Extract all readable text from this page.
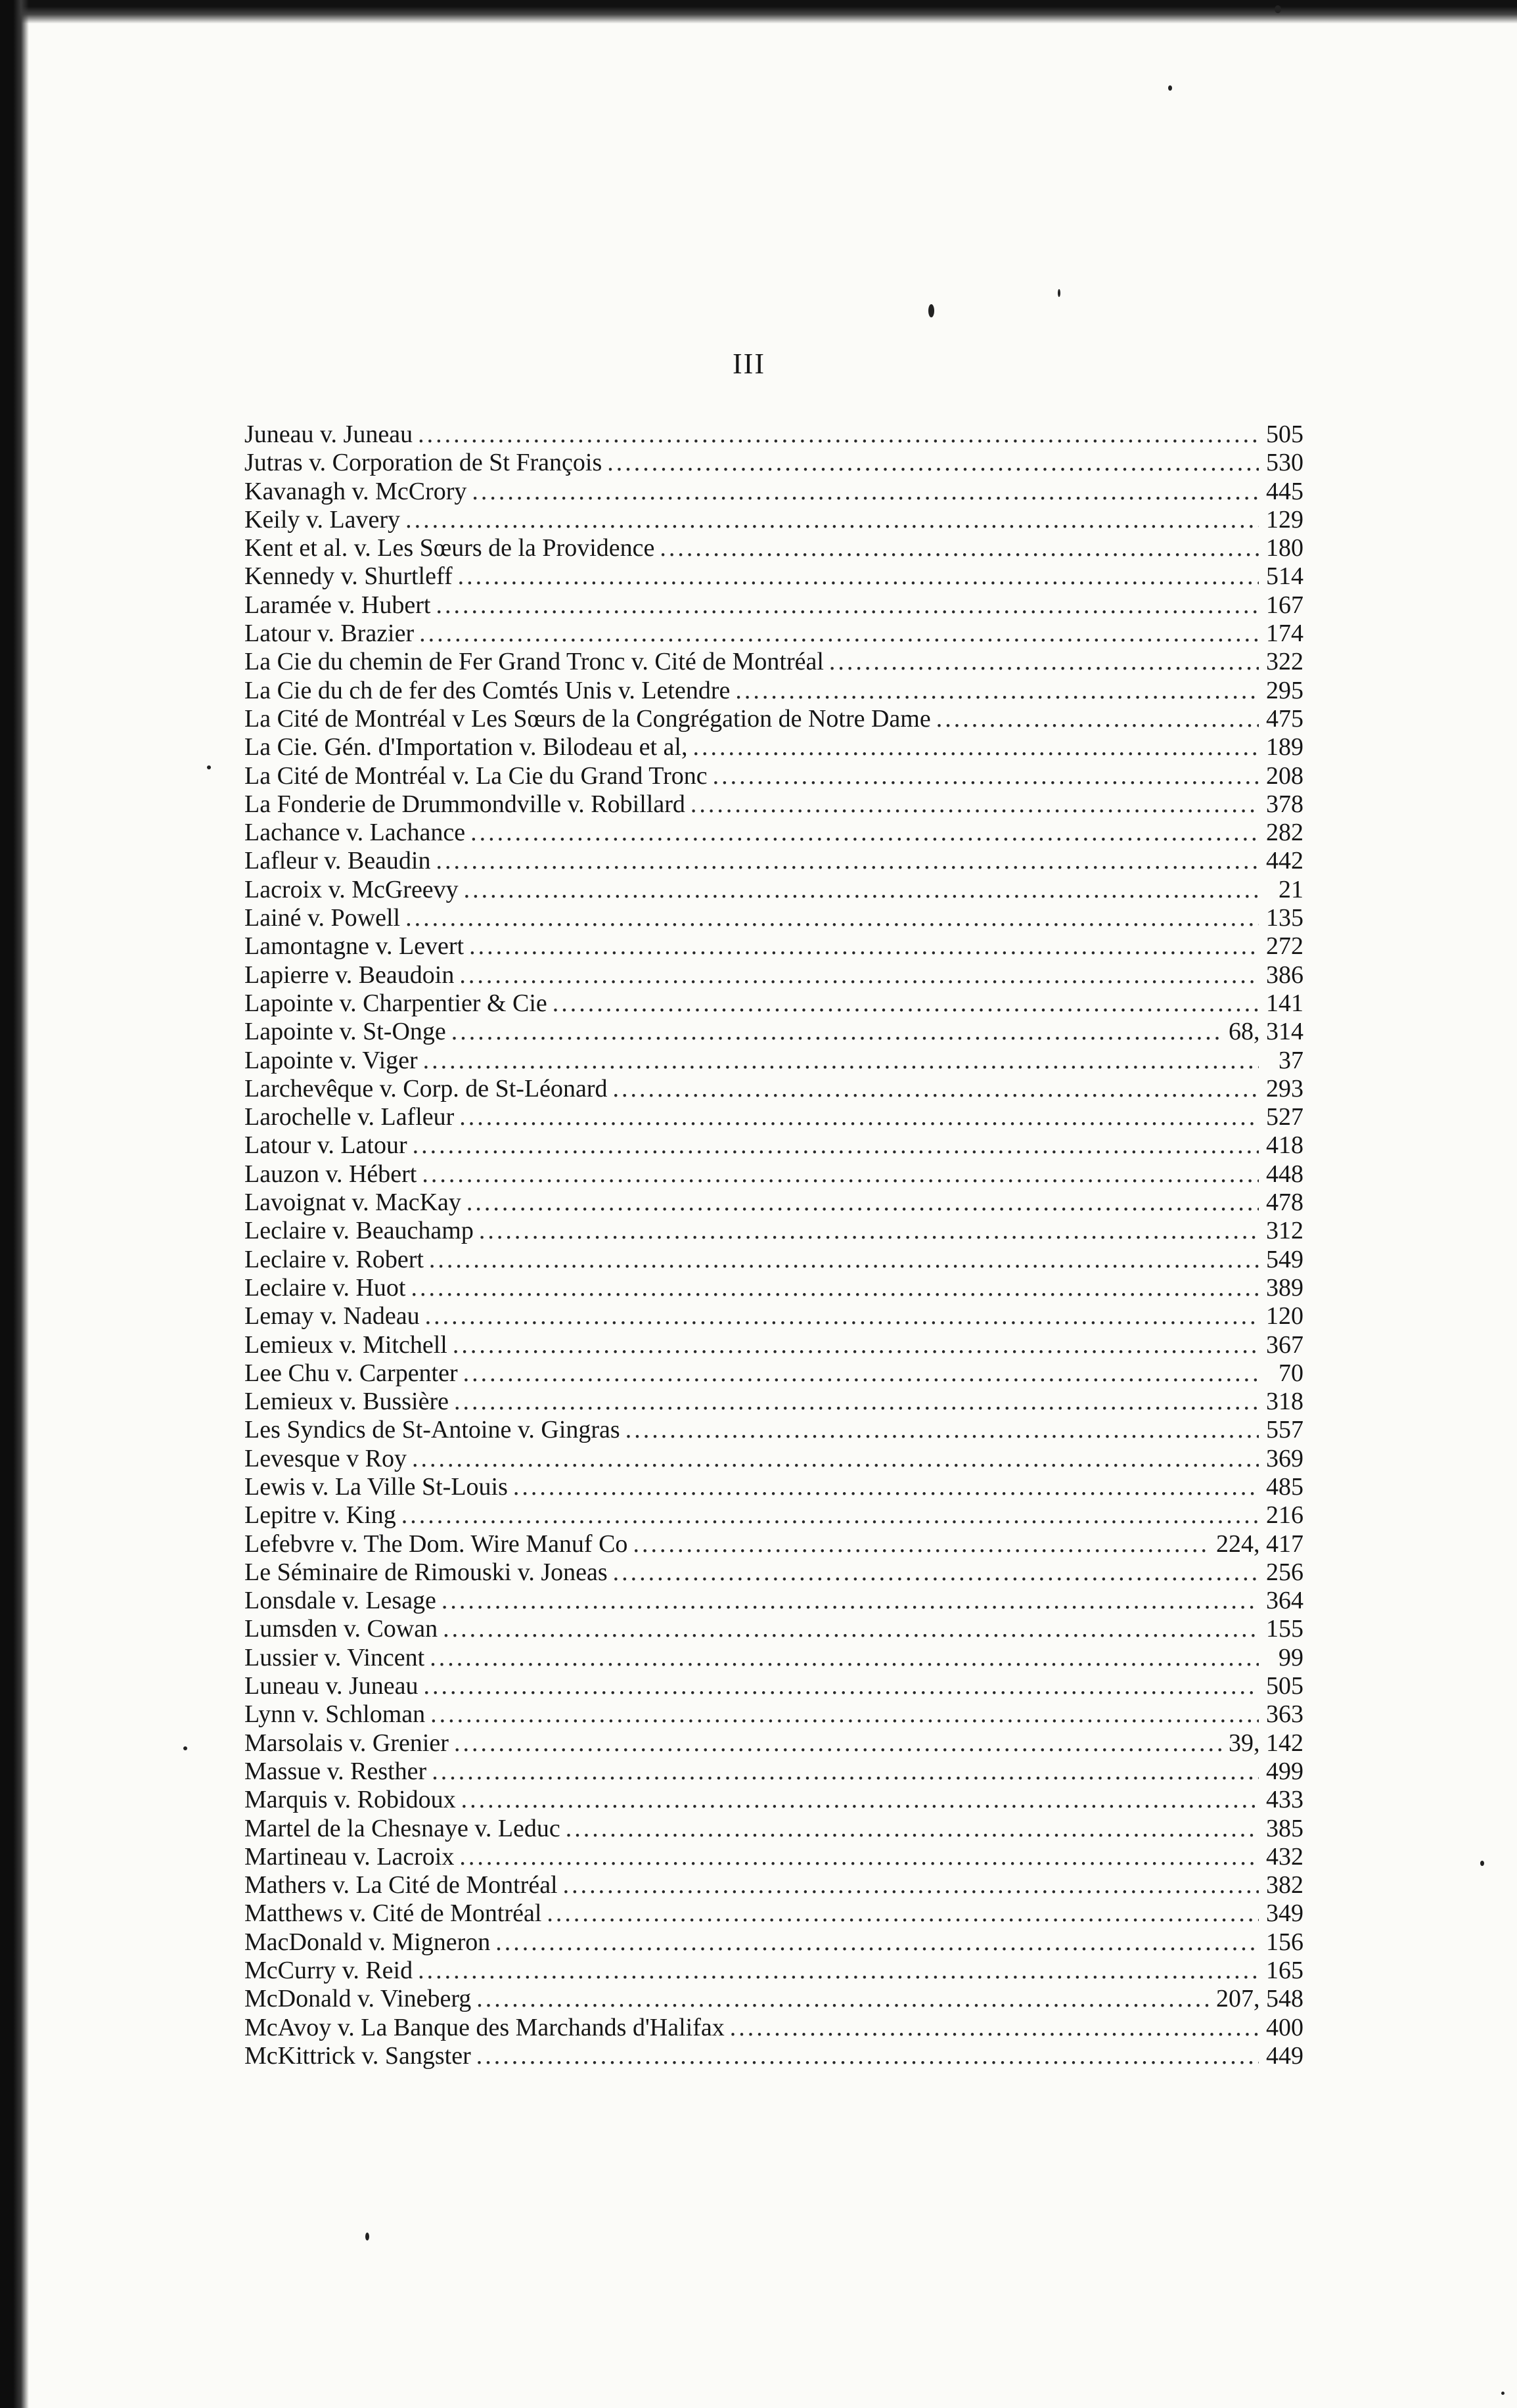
III
Juneau v. Juneau .....	505
Jutras v. Corporation de St François .....	530
Kavanagh v. McCrory .....	445
Keily v. Lavery .....	129
Kent et al. v. Les Sœurs de la Providence .....	180
Kennedy v. Shurtleff .....	514
Laramée v. Hubert .....	167
Latour v. Brazier .....	174
La Cie du chemin de Fer Grand Tronc v. Cité de Montréal .....	322
La Cie du ch de fer des Comtés Unis v. Letendre .....	295
La Cité de Montréal v Les Sœurs de la Congrégation de Notre Dame .....	475
La Cie. Gén. d'Importation v. Bilodeau et al, .....	189
La Cité de Montréal v. La Cie du Grand Tronc .....	208
La Fonderie de Drummondville v. Robillard .....	378
Lachance v. Lachance .....	282
Lafleur v. Beaudin .....	442
Lacroix v. McGreevy .....	21
Lainé v. Powell .....	135
Lamontagne v. Levert .....	272
Lapierre v. Beaudoin .....	386
Lapointe v. Charpentier & Cie .....	141
Lapointe v. St-Onge .....	68, 314
Lapointe v. Viger .....	37
Larchevêque v. Corp. de St-Léonard .....	293
Larochelle v. Lafleur .....	527
Latour v. Latour .....	418
Lauzon v. Hébert .....	448
Lavoignat v. MacKay .....	478
Leclaire v. Beauchamp .....	312
Leclaire v. Robert .....	549
Leclaire v. Huot .....	389
Lemay v. Nadeau .....	120
Lemieux v. Mitchell .....	367
Lee Chu v. Carpenter .....	70
Lemieux v. Bussière .....	318
Les Syndics de St-Antoine v. Gingras .....	557
Levesque v Roy .....	369
Lewis v. La Ville St-Louis .....	485
Lepitre v. King .....	216
Lefebvre v. The Dom. Wire Manuf Co .....	224, 417
Le Séminaire de Rimouski v. Joneas .....	256
Lonsdale v. Lesage .....	364
Lumsden v. Cowan .....	155
Lussier v. Vincent .....	99
Luneau v. Juneau .....	505
Lynn v. Schloman .....	363
Marsolais v. Grenier .....	39, 142
Massue v. Resther .....	499
Marquis v. Robidoux .....	433
Martel de la Chesnaye v. Leduc .....	385
Martineau v. Lacroix .....	432
Mathers v. La Cité de Montréal .....	382
Matthews v. Cité de Montréal .....	349
MacDonald v. Migneron .....	156
McCurry v. Reid .....	165
McDonald v. Vineberg .....	207, 548
McAvoy v. La Banque des Marchands d'Halifax .....	400
McKittrick v. Sangster .....	449
